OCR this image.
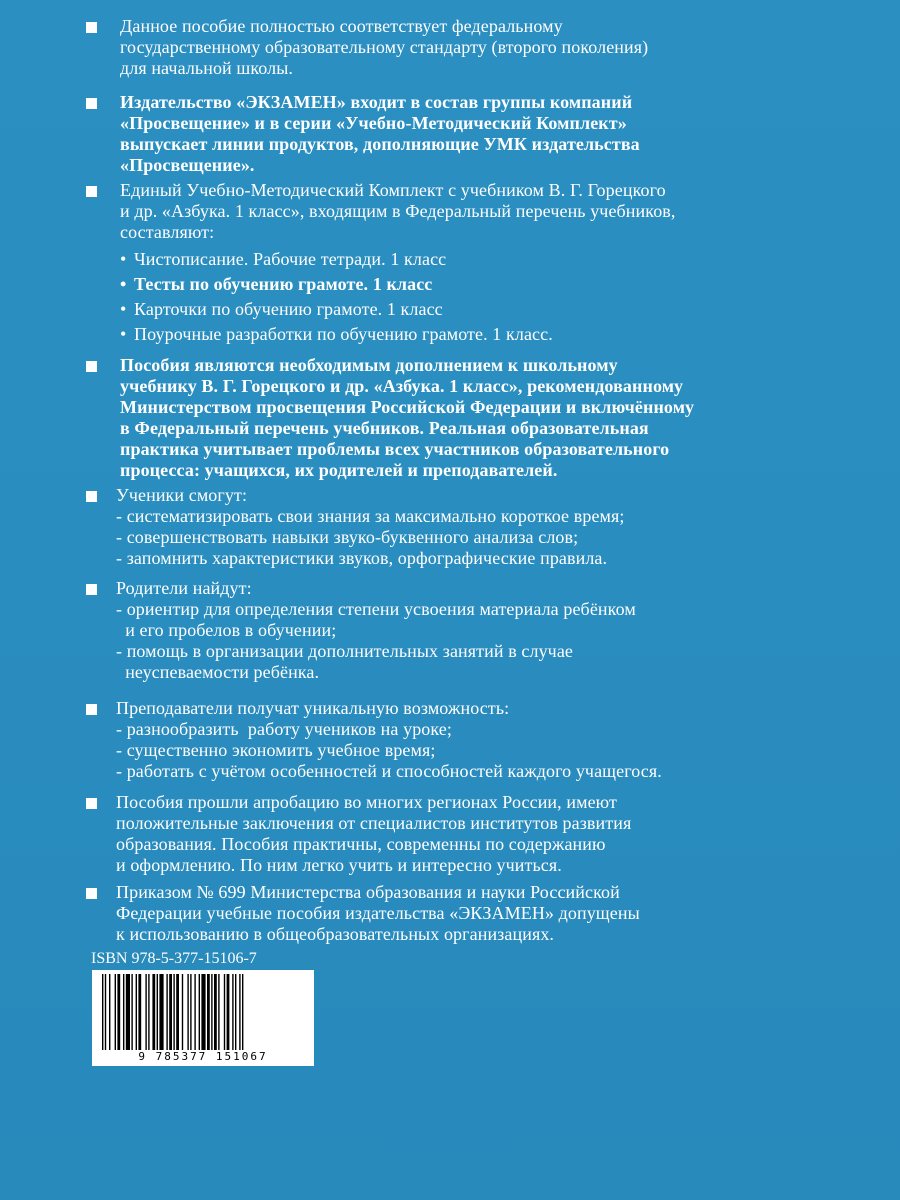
Данное пособие полностью соответствует федеральному
государственному образовательному стандарту (второго поколения)
для начальной школы.
Издательство «ЭКЗАМЕН» входит в состав группы компаний
«Просвещение» и в серии «Учебно-Методический Комплект»
выпускает линии продуктов, дополняющие УМК издательства
«Просвещение».
Единый Учебно-Методический Комплект с учебником В. Г. Горецкого
и др. «Азбука. 1 класс», входящим в Федеральный перечень учебников,
составляют:
• Чистописание. Рабочие тетради. 1 класс
• Тесты по обучению грамоте. 1 класс
• Карточки по обучению грамоте. 1 класс
• Поурочные разработки по обучению грамоте. 1 класс.
Пособия являются необходимым дополнением к школьному
учебнику В. Г. Горецкого и др. «Азбука. 1 класс», рекомендованному
Министерством просвещения Российской Федерации и включённому
в Федеральный перечень учебников. Реальная образовательная
практика учитывает проблемы всех участников образовательного
процесса: учащихся, их родителей и преподавателей.
Ученики смогут:
- систематизировать свои знания за максимально короткое время;
- совершенствовать навыки звуко-буквенного анализа слов;
- запомнить характеристики звуков, орфографические правила.
Родители найдут:
- ориентир для определения степени усвоения материала ребёнком
и его пробелов в обучении;
- помощь в организации дополнительных занятий в случае
неуспеваемости ребёнка.
Преподаватели получат уникальную возможность:
- разнообразить  работу учеников на уроке;
- существенно экономить учебное время;
- работать с учётом особенностей и способностей каждого учащегося.
Пособия прошли апробацию во многих регионах России, имеют
положительные заключения от специалистов институтов развития
образования. Пособия практичны, современны по содержанию
и оформлению. По ним легко учить и интересно учиться.
Приказом № 699 Министерства образования и науки Российской
Федерации учебные пособия издательства «ЭКЗАМЕН» допущены
к использованию в общеобразовательных организациях.
ISBN 978-5-377-15106-7
9 785377 151067
